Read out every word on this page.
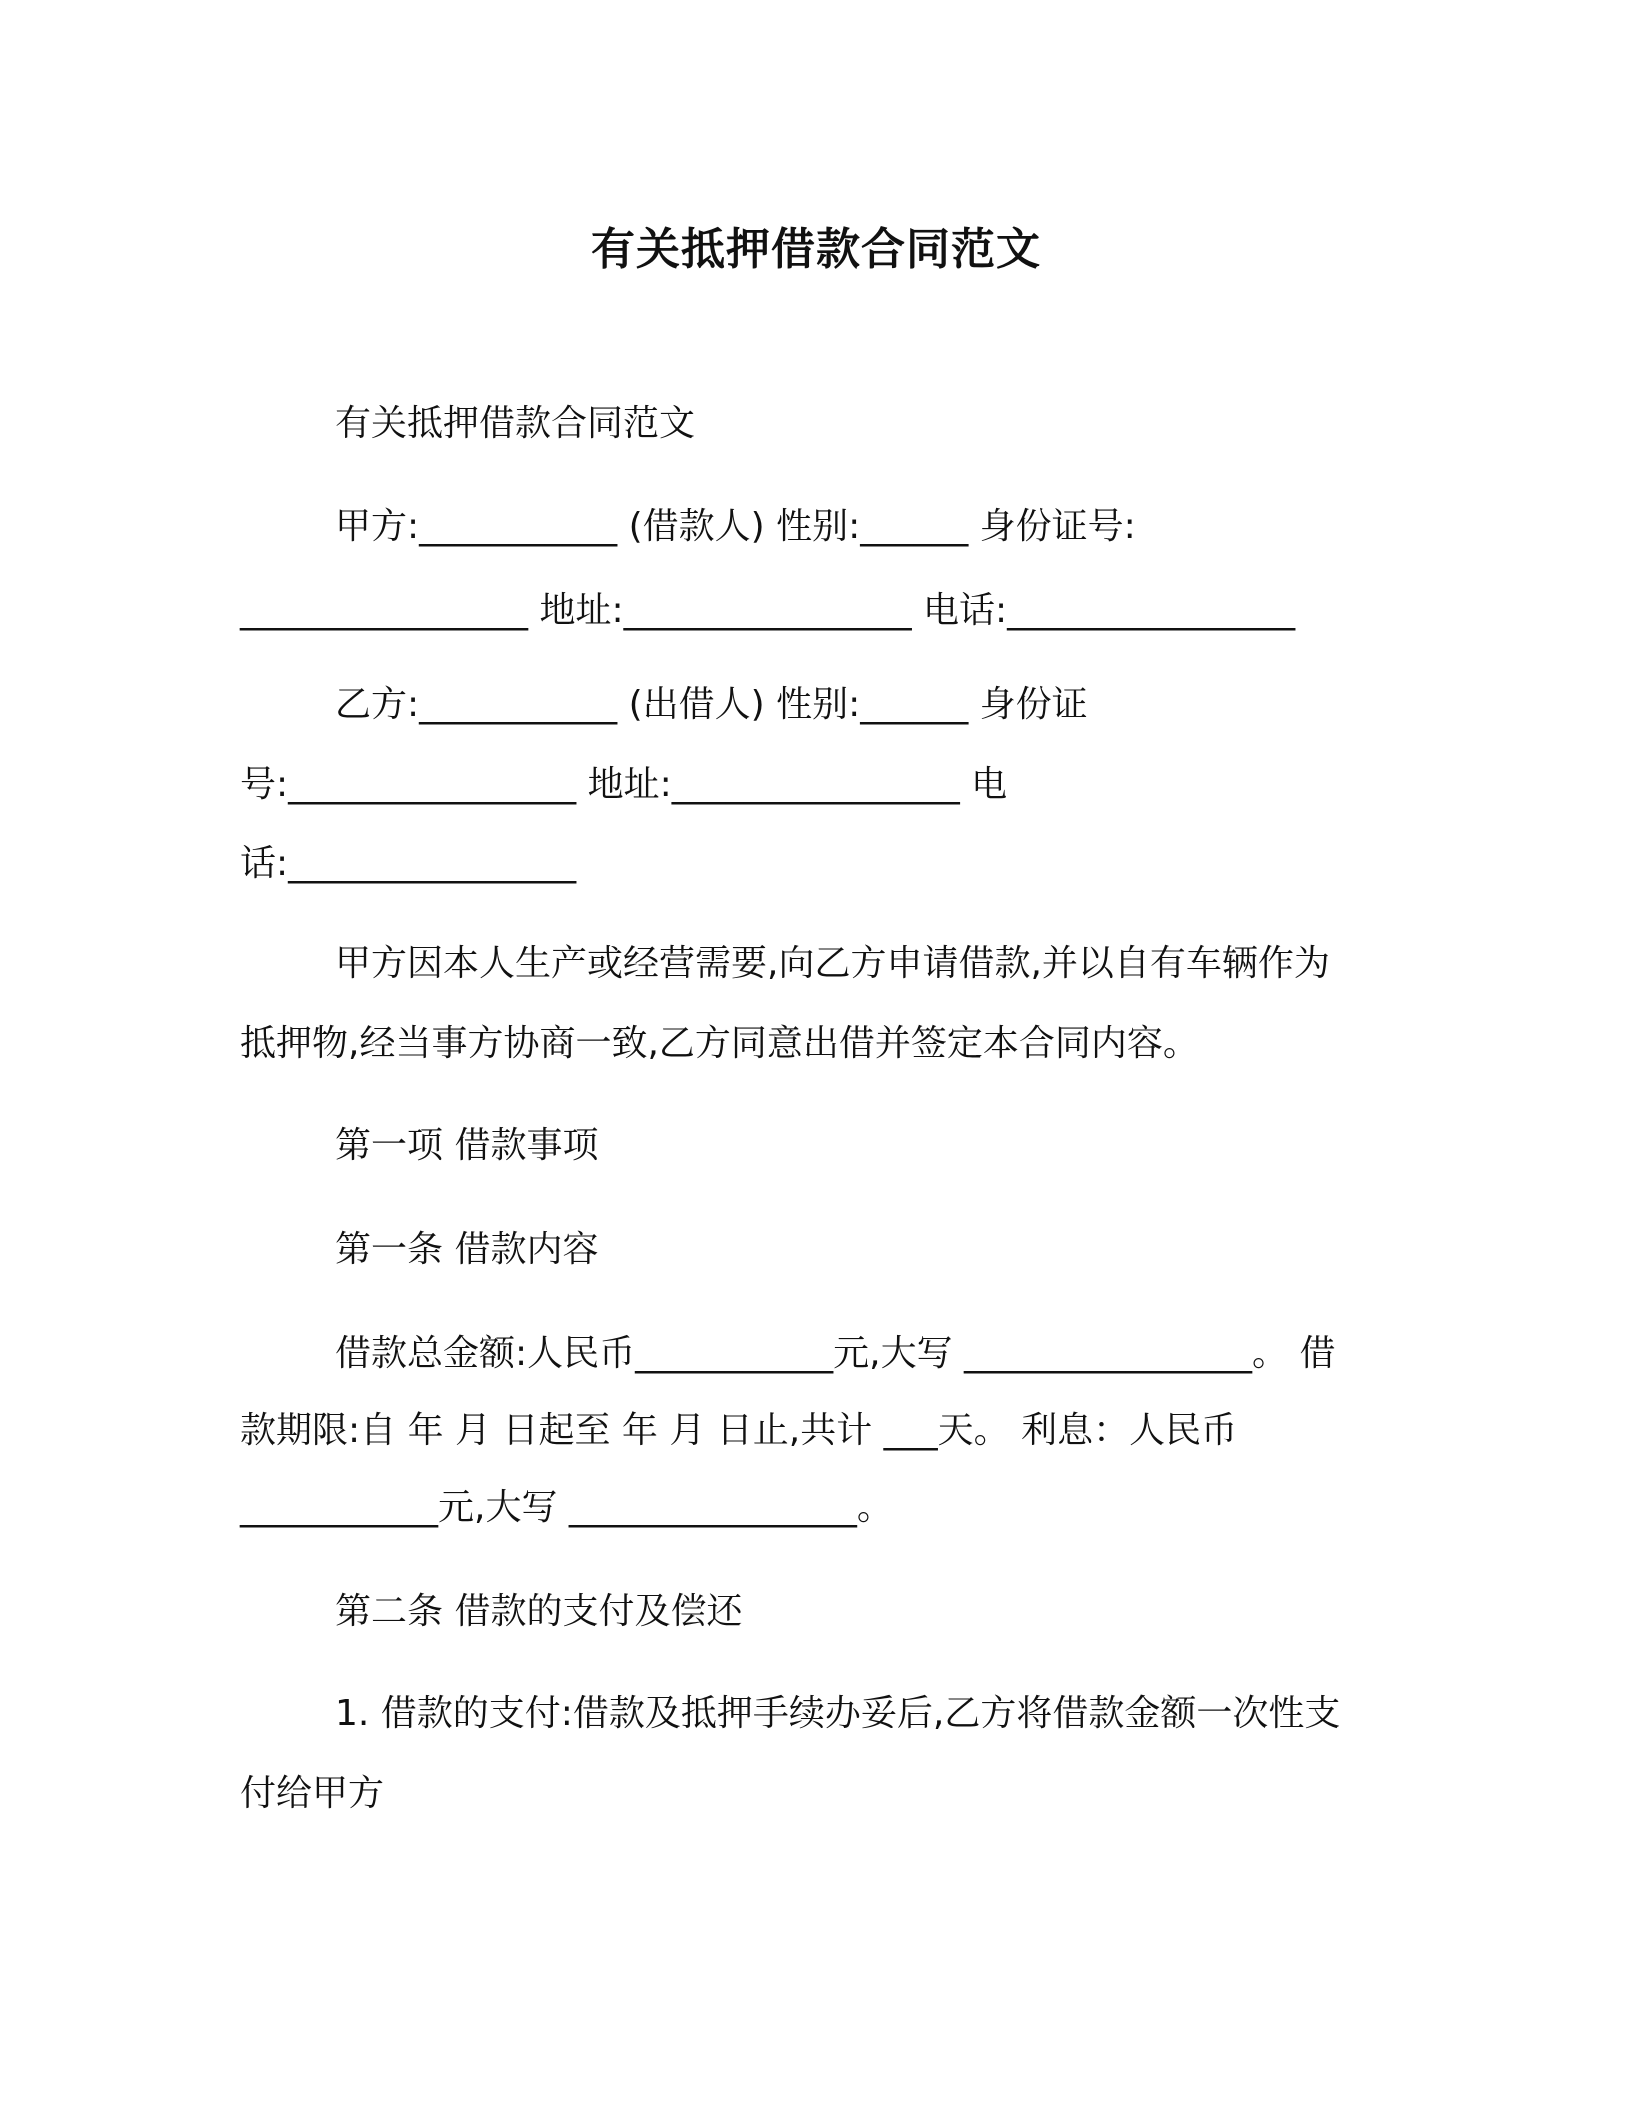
有关抵押借款合同范文
有关抵押借款合同范文
甲方:___________ (借款人) 性别:______ 身份证号:
________________ 地址:________________ 电话:________________
乙方:___________ (出借人) 性别:______ 身份证
号:________________ 地址:________________ 电
话:________________
甲方因本人生产或经营需要,向乙方申请借款,并以自有车辆作为
抵押物,经当事方协商一致,乙方同意出借并签定本合同内容。
第一项 借款事项
第一条 借款内容
借款总金额:人民币___________元,大写 ________________。 借
款期限:自 年 月 日起至 年 月 日止,共计 ___天。 利息：人民币
___________元,大写 ________________。
第二条 借款的支付及偿还
1. 借款的支付:借款及抵押手续办妥后,乙方将借款金额一次性支
付给甲方
